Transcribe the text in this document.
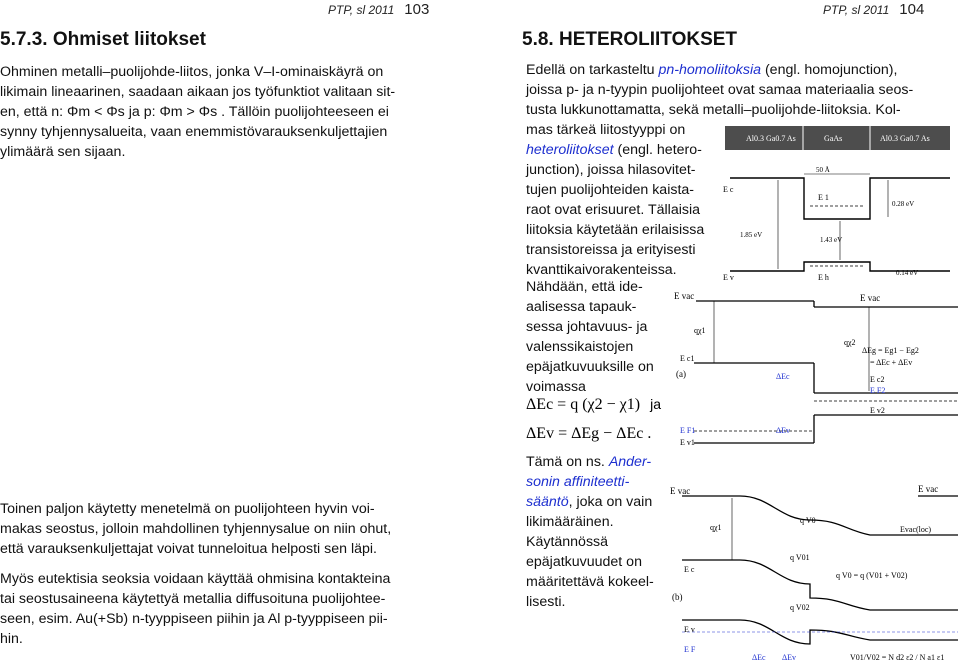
PTP, sl 2011 103
5.7.3. Ohmiset liitokset
Ohminen metalli–puolijohde-liitos, jonka V–I-ominaiskäyrä on
likimain lineaarinen, saadaan aikaan jos työfunktiot valitaan sit-
en, että n: Φm < Φs ja p: Φm > Φs . Tällöin puolijohteeseen ei
synny tyhjennysalueita, vaan enemmistövarauksenkuljettajien
ylimäärä sen sijaan.
Toinen paljon käytetty menetelmä on puolijohteen hyvin voi-
makas seostus, jolloin mahdollinen tyhjennysalue on niin ohut,
että varauksenkuljettajat voivat tunneloitua helposti sen läpi.
Myös eutektisia seoksia voidaan käyttää ohmisina kontakteina
tai seostusaineena käytettyä metallia diffusoituna puolijohtee-
seen, esim. Au(+Sb) n-tyyppiseen piihin ja Al p-tyyppiseen pii-
hin.
PTP, sl 2011 104
5.8. HETEROLIITOKSET
Edellä on tarkasteltu pn-homoliitoksia (engl. homojunction),
joissa p- ja n-tyypin puolijohteet ovat samaa materiaalia seos-
tusta lukkunottamatta, sekä metalli–puolijohde-liitoksia. Kol-
mas tärkeä liitostyyppi on
heteroliitokset (engl. hetero-
junction), joissa hilasovitet-
tujen puolijohteiden kaista-
raot ovat erisuuret. Tällaisia
liitoksia käytetään erilaisissa
transistoreissa ja erityisesti
kvanttikaivorakenteissa.
Nähdään, että ide-
aalisessa tapauk-
sessa johtavuus- ja
valenssikaistojen
epäjatkuvuuksille on
voimassa
ΔEc = q (χ2 − χ1) ja
ΔEv = ΔEg − ΔEc .
Tämä on ns. Ander-
sonin affiniteetti-
sääntö, joka on vain
likimääräinen.
Käytännössä
epäjatkuvuudet on
määritettävä kokeel-
lisesti.
Al0.3 Ga0.7 As	GaAs	Al0.3 Ga0.7 As
50 Å
E c
E 1
E v	E h
1.85 eV
1.43 eV
0.28 eV
0.14 eV
E vac	E vac
qχ1
E c1
qχ2
ΔEc	E c2
E F2
E v2
E F1
E v1
ΔEv
(a)
ΔEg = Eg1 − Eg2
= ΔEc + ΔEv
E vac
Evac(loc)
E vac
qχ1
E c
E v
(b)
q V0
q V01
q V02
q V0 = q (V01 + V02)
E F
ΔEc ΔEv	V01/V02 = N d2 ε2 / N a1 ε1
